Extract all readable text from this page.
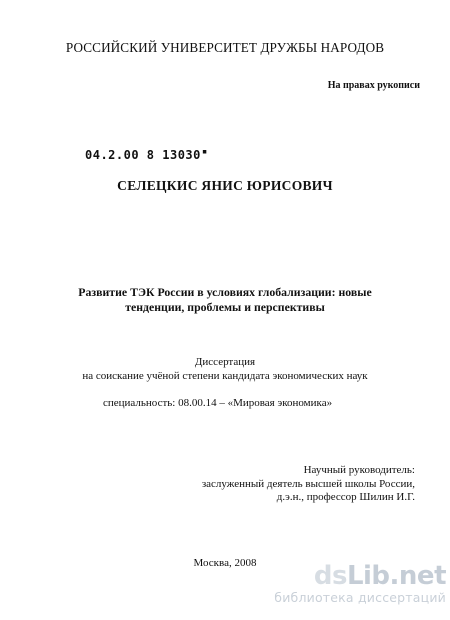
РОССИЙСКИЙ УНИВЕРСИТЕТ ДРУЖБЫ НАРОДОВ
На правах рукописи
04.2.00 8 13030▪
СЕЛЕЦКИС ЯНИС ЮРИСОВИЧ
Развитие ТЭК России в условиях глобализации: новые
тенденции, проблемы и перспективы
Диссертация
на соискание учёной степени кандидата экономических наук
специальность: 08.00.14 – «Мировая экономика»
Научный руководитель:
заслуженный деятель высшей школы России,
д.э.н., профессор Шилин И.Г.
Москва, 2008	dsLib.net
библиотека диссертаций
